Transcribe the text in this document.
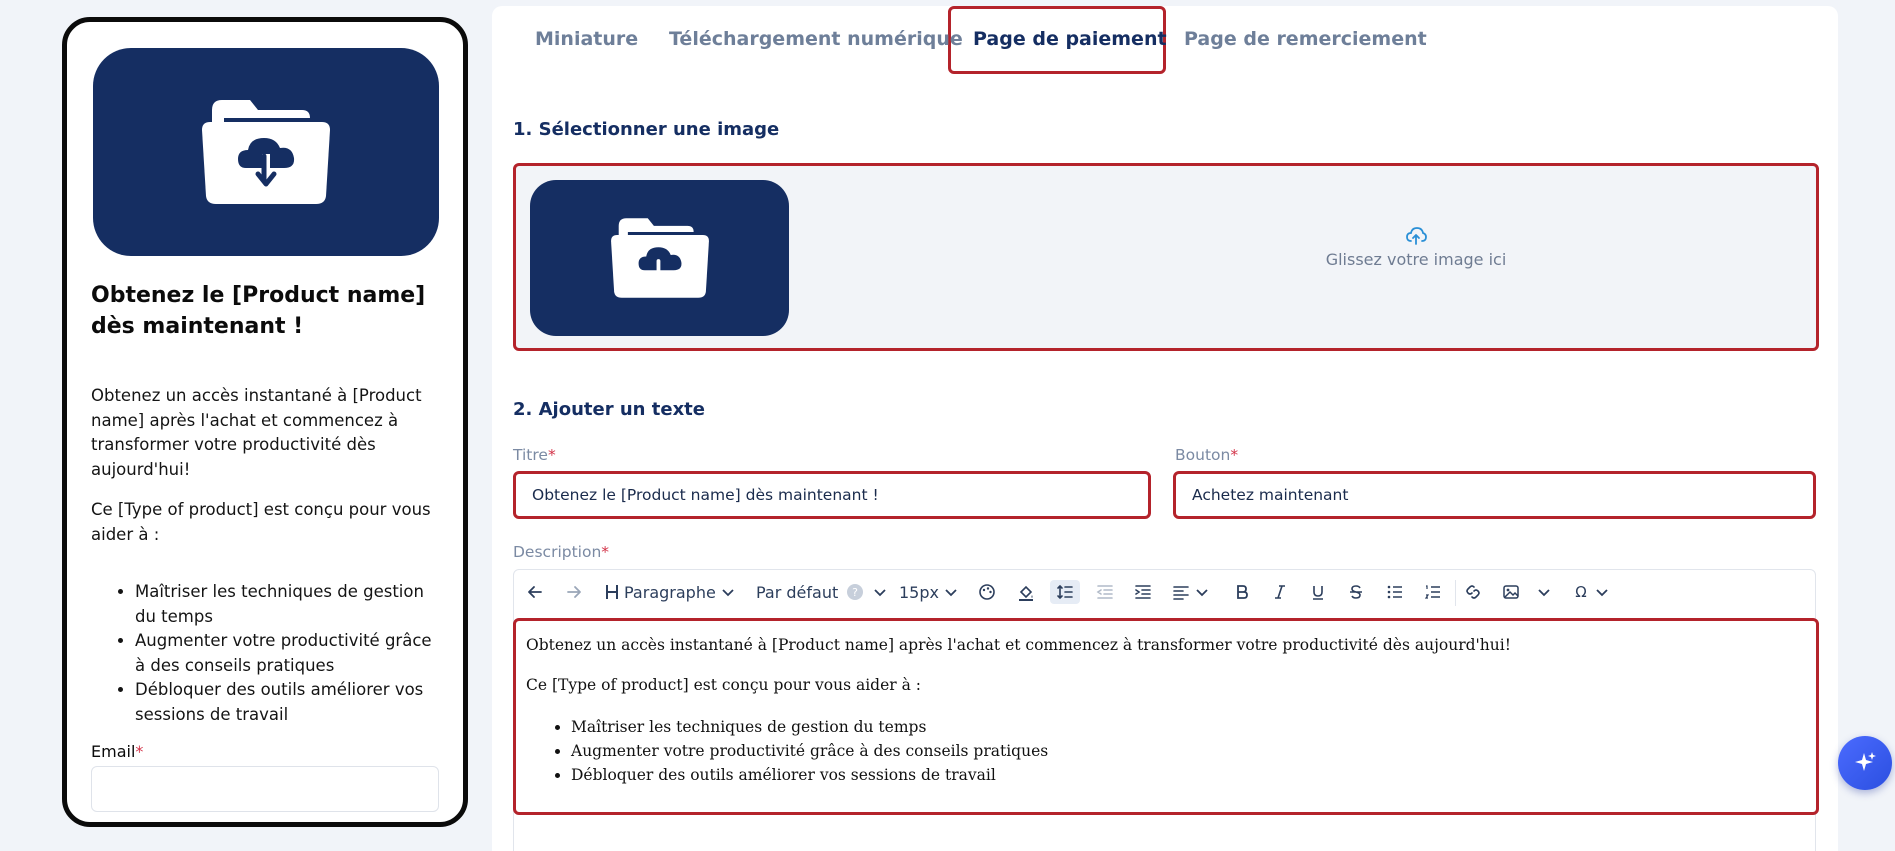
Obtenez le [Product name] dès maintenant !
Obtenez un accès instantané à [Product name] après l'achat et commencez à transformer votre productivité dès aujourd'hui!
Ce [Type of product] est conçu pour vous aider à :
• Maîtriser les techniques de gestion du temps
• Augmenter votre productivité grâce à des conseils pratiques
• Débloquer des outils améliorer vos sessions de travail
Email*
Miniature Téléchargement numérique Page de paiement Page de remerciement
1. Sélectionner une image
Glissez votre image ici
2. Ajouter un texte
Titre*
Obtenez le [Product name] dès maintenant !
Bouton*
Achetez maintenant
Description*
Paragraphe	Par défaut ?	15px	Ω

Obtenez un accès instantané à [Product name] après l'achat et commencez à transformer votre productivité dès aujourd'hui!

Ce [Type of product] est conçu pour vous aider à :

• Maîtriser les techniques de gestion du temps
• Augmenter votre productivité grâce à des conseils pratiques
• Débloquer des outils améliorer vos sessions de travail
